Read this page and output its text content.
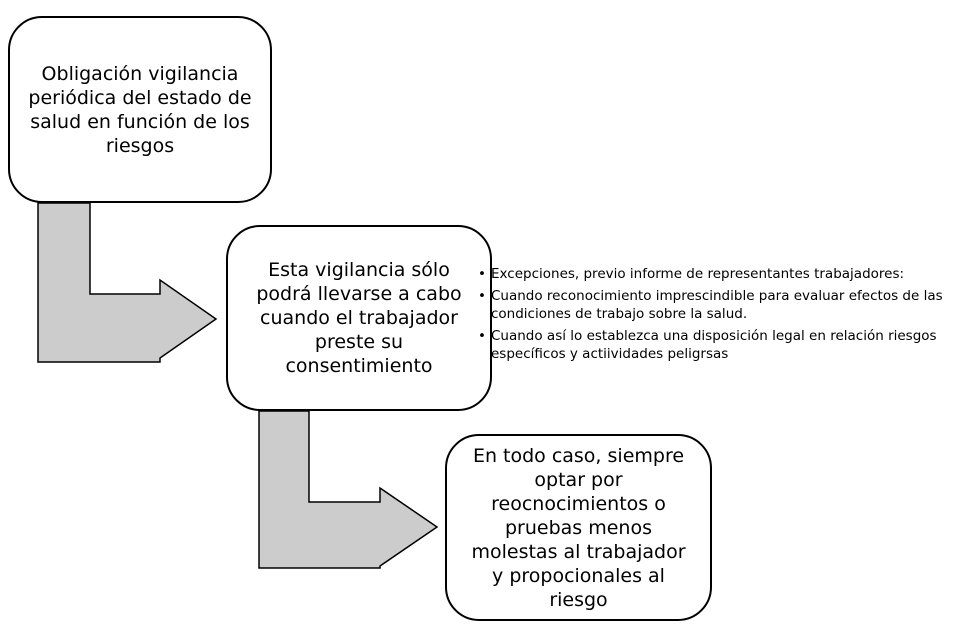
Obligación vigilancia periódica del estado de salud en función de los riesgos
Esta vigilancia sólo podrá llevarse a cabo cuando el trabajador preste su consentimiento
En todo caso, siempre optar por reocnocimientos o pruebas menos molestas al trabajador y propocionales al riesgo
• Excepciones, previo informe de representantes trabajadores:
• Cuando reconocimiento imprescindible para evaluar efectos de las condiciones de trabajo sobre la salud.
• Cuando así lo establezca una disposición legal en relación riesgos específicos y actiividades peligrsas
